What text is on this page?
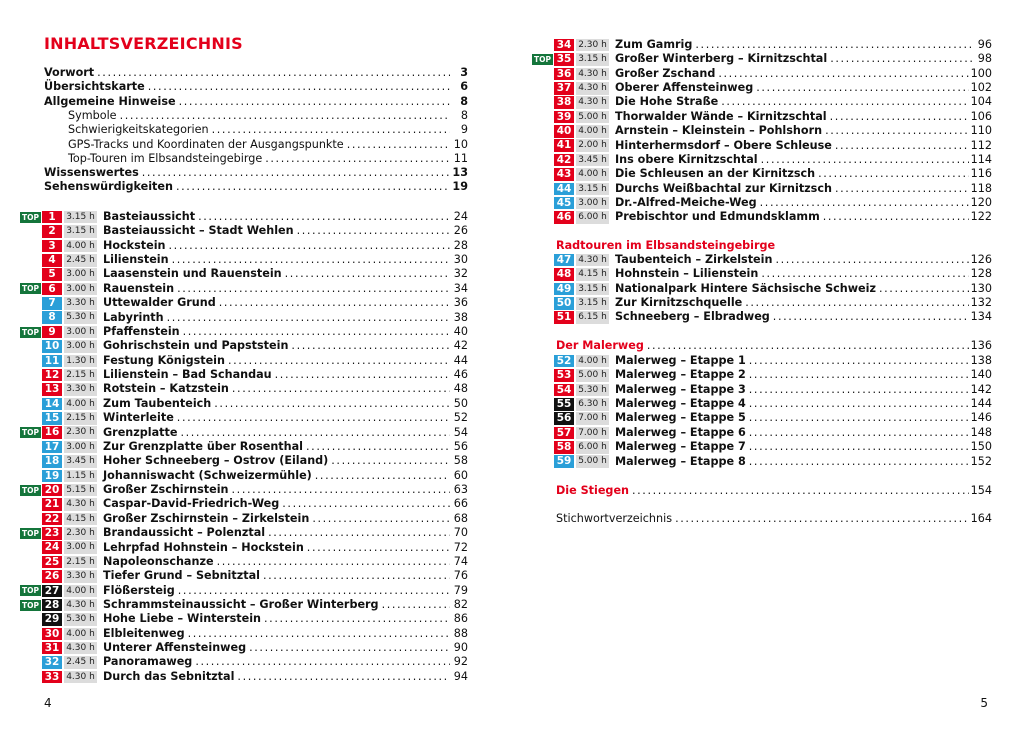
INHALTSVERZEICHNIS
Vorwort .....	3
Übersichtskarte .....	6
Allgemeine Hinweise .....	8
Symbole .....	8
Schwierigkeitskategorien .....	9
GPS-Tracks und Koordinaten der Ausgangspunkte .....	10
Top-Touren im Elbsandsteingebirge .....	11
Wissenswertes .....	13
Sehenswürdigkeiten .....	19
TOP 1	3.15 h Basteiaussicht .....	24
2	3.15 h Basteiaussicht – Stadt Wehlen .....	26
3	4.00 h Hockstein .....	28
4	2.45 h Lilienstein .....	30
5	3.00 h Laasenstein und Rauenstein .....	32
TOP 6	3.00 h Rauenstein .....	34
7	3.30 h Uttewalder Grund .....	36
8	5.30 h Labyrinth .....	38
TOP 9	3.00 h Pfaffenstein .....	40
10 3.00 h Gohrischstein und Papststein .....	42
11 1.30 h Festung Königstein .....	44
12 2.15 h Lilienstein – Bad Schandau .....	46
13 3.30 h Rotstein – Katzstein .....	48
14 4.00 h Zum Taubenteich .....	50
15 2.15 h Winterleite .....	52
TOP 16 2.30 h Grenzplatte .....	54
17 3.00 h Zur Grenzplatte über Rosenthal .....	56
18 3.45 h Hoher Schneeberg – Ostrov (Eiland) .....	58
19 1.15 h Johanniswacht (Schweizermühle) .....	60
TOP 20 5.15 h Großer Zschirnstein .....	63
21 4.30 h Caspar-David-Friedrich-Weg .....	66
22 4.15 h Großer Zschirnstein – Zirkelstein .....	68
TOP 23 2.30 h Brandaussicht – Polenztal .....	70
24 3.00 h Lehrpfad Hohnstein – Hockstein .....	72
25 2.15 h Napoleonschanze .....	74
26 3.30 h Tiefer Grund – Sebnitztal .....	76
TOP 27 4.00 h Flößersteig .....	79
TOP 28 4.30 h Schrammsteinaussicht – Großer Winterberg .....	82
29 5.30 h Hohe Liebe – Winterstein .....	86
30 4.00 h Elbleitenweg .....	88
31 4.30 h Unterer Affensteinweg .....	90
32 2.45 h Panoramaweg .....	92
33 4.30 h Durch das Sebnitztal .....	94
4
34 2.30 h Zum Gamrig .....	96
TOP 35 3.15 h Großer Winterberg – Kirnitzschtal .....	98
36 4.30 h Großer Zschand .....	100
37 4.30 h Oberer Affensteinweg .....	102
38 4.30 h Die Hohe Straße .....	104
39 5.00 h Thorwalder Wände – Kirnitzschtal .....	106
40 4.00 h Arnstein – Kleinstein – Pohlshorn .....	110
41 2.00 h Hinterhermsdorf – Obere Schleuse .....	112
42 3.45 h Ins obere Kirnitzschtal .....	114
43 4.00 h Die Schleusen an der Kirnitzsch .....	116
44 3.15 h Durchs Weißbachtal zur Kirnitzsch .....	118
45 3.00 h Dr.-Alfred-Meiche-Weg .....	120
46 6.00 h Prebischtor und Edmundsklamm .....	122
Radtouren im Elbsandsteingebirge
47 4.30 h Taubenteich – Zirkelstein .....	126
48 4.15 h Hohnstein – Lilienstein .....	128
49 3.15 h Nationalpark Hintere Sächsische Schweiz .....	130
50 3.15 h Zur Kirnitzschquelle .....	132
51 6.15 h Schneeberg – Elbradweg .....	134
Der Malerweg .....	136
52 4.00 h Malerweg – Etappe 1 .....	138
53 5.00 h Malerweg – Etappe 2 .....	140
54 5.30 h Malerweg – Etappe 3 .....	142
55 6.30 h Malerweg – Etappe 4 .....	144
56 7.00 h Malerweg – Etappe 5 .....	146
57 7.00 h Malerweg – Etappe 6 .....	148
58 6.00 h Malerweg – Etappe 7 .....	150
59 5.00 h Malerweg – Etappe 8 .....	152
Die Stiegen .....	154
Stichwortverzeichnis .....	164
5
